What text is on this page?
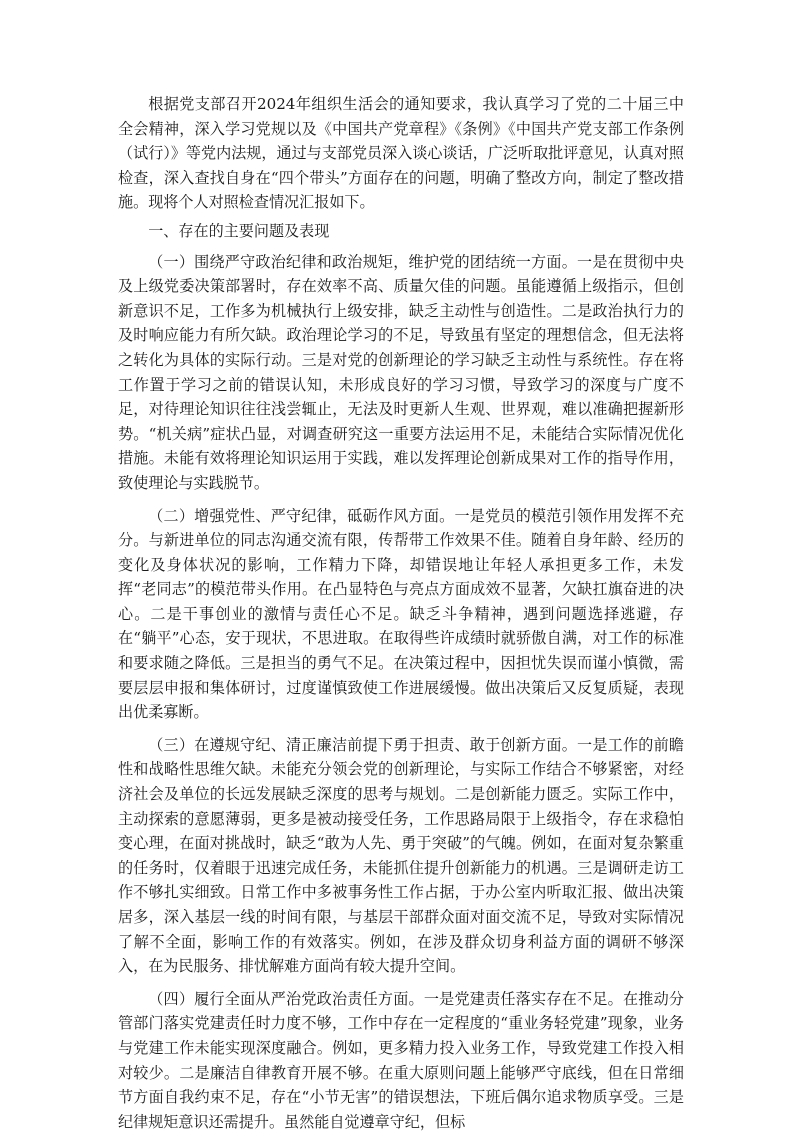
根据党支部召开2024年组织生活会的通知要求，我认真学习了党的二十届三中全会精神，深入学习党规以及《中国共产党章程》《条例》《中国共产党支部工作条例（试行）》等党内法规，通过与支部党员深入谈心谈话，广泛听取批评意见，认真对照检查，深入查找自身在“四个带头”方面存在的问题，明确了整改方向，制定了整改措施。现将个人对照检查情况汇报如下。

一、存在的主要问题及表现

（一）围绕严守政治纪律和政治规矩，维护党的团结统一方面。一是在贯彻中央及上级党委决策部署时，存在效率不高、质量欠佳的问题。虽能遵循上级指示，但创新意识不足，工作多为机械执行上级安排，缺乏主动性与创造性。二是政治执行力的及时响应能力有所欠缺。政治理论学习的不足，导致虽有坚定的理想信念，但无法将之转化为具体的实际行动。三是对党的创新理论的学习缺乏主动性与系统性。存在将工作置于学习之前的错误认知，未形成良好的学习习惯，导致学习的深度与广度不足，对待理论知识往往浅尝辄止，无法及时更新人生观、世界观，难以准确把握新形势。“机关病”症状凸显，对调查研究这一重要方法运用不足，未能结合实际情况优化措施。未能有效将理论知识运用于实践，难以发挥理论创新成果对工作的指导作用，致使理论与实践脱节。

（二）增强党性、严守纪律，砥砺作风方面。一是党员的模范引领作用发挥不充分。与新进单位的同志沟通交流有限，传帮带工作效果不佳。随着自身年龄、经历的变化及身体状况的影响，工作精力下降，却错误地让年轻人承担更多工作，未发挥“老同志”的模范带头作用。在凸显特色与亮点方面成效不显著，欠缺扛旗奋进的决心。二是干事创业的激情与责任心不足。缺乏斗争精神，遇到问题选择逃避，存在“躺平”心态，安于现状，不思进取。在取得些许成绩时就骄傲自满，对工作的标准和要求随之降低。三是担当的勇气不足。在决策过程中，因担忧失误而谨小慎微，需要层层申报和集体研讨，过度谨慎致使工作进展缓慢。做出决策后又反复质疑，表现出优柔寡断。

（三）在遵规守纪、清正廉洁前提下勇于担责、敢于创新方面。一是工作的前瞻性和战略性思维欠缺。未能充分领会党的创新理论，与实际工作结合不够紧密，对经济社会及单位的长远发展缺乏深度的思考与规划。二是创新能力匮乏。实际工作中，主动探索的意愿薄弱，更多是被动接受任务，工作思路局限于上级指令，存在求稳怕变心理，在面对挑战时，缺乏“敢为人先、勇于突破”的气魄。例如，在面对复杂繁重的任务时，仅着眼于迅速完成任务，未能抓住提升创新能力的机遇。三是调研走访工作不够扎实细致。日常工作中多被事务性工作占据，于办公室内听取汇报、做出决策居多，深入基层一线的时间有限，与基层干部群众面对面交流不足，导致对实际情况了解不全面，影响工作的有效落实。例如，在涉及群众切身利益方面的调研不够深入，在为民服务、排忧解难方面尚有较大提升空间。

（四）履行全面从严治党政治责任方面。一是党建责任落实存在不足。在推动分管部门落实党建责任时力度不够，工作中存在一定程度的“重业务轻党建”现象，业务与党建工作未能实现深度融合。例如，更多精力投入业务工作，导致党建工作投入相对较少。二是廉洁自律教育开展不够。在重大原则问题上能够严守底线，但在日常细节方面自我约束不足，存在“小节无害”的错误想法，下班后偶尔追求物质享受。三是纪律规矩意识还需提升。虽然能自觉遵章守纪，但标
